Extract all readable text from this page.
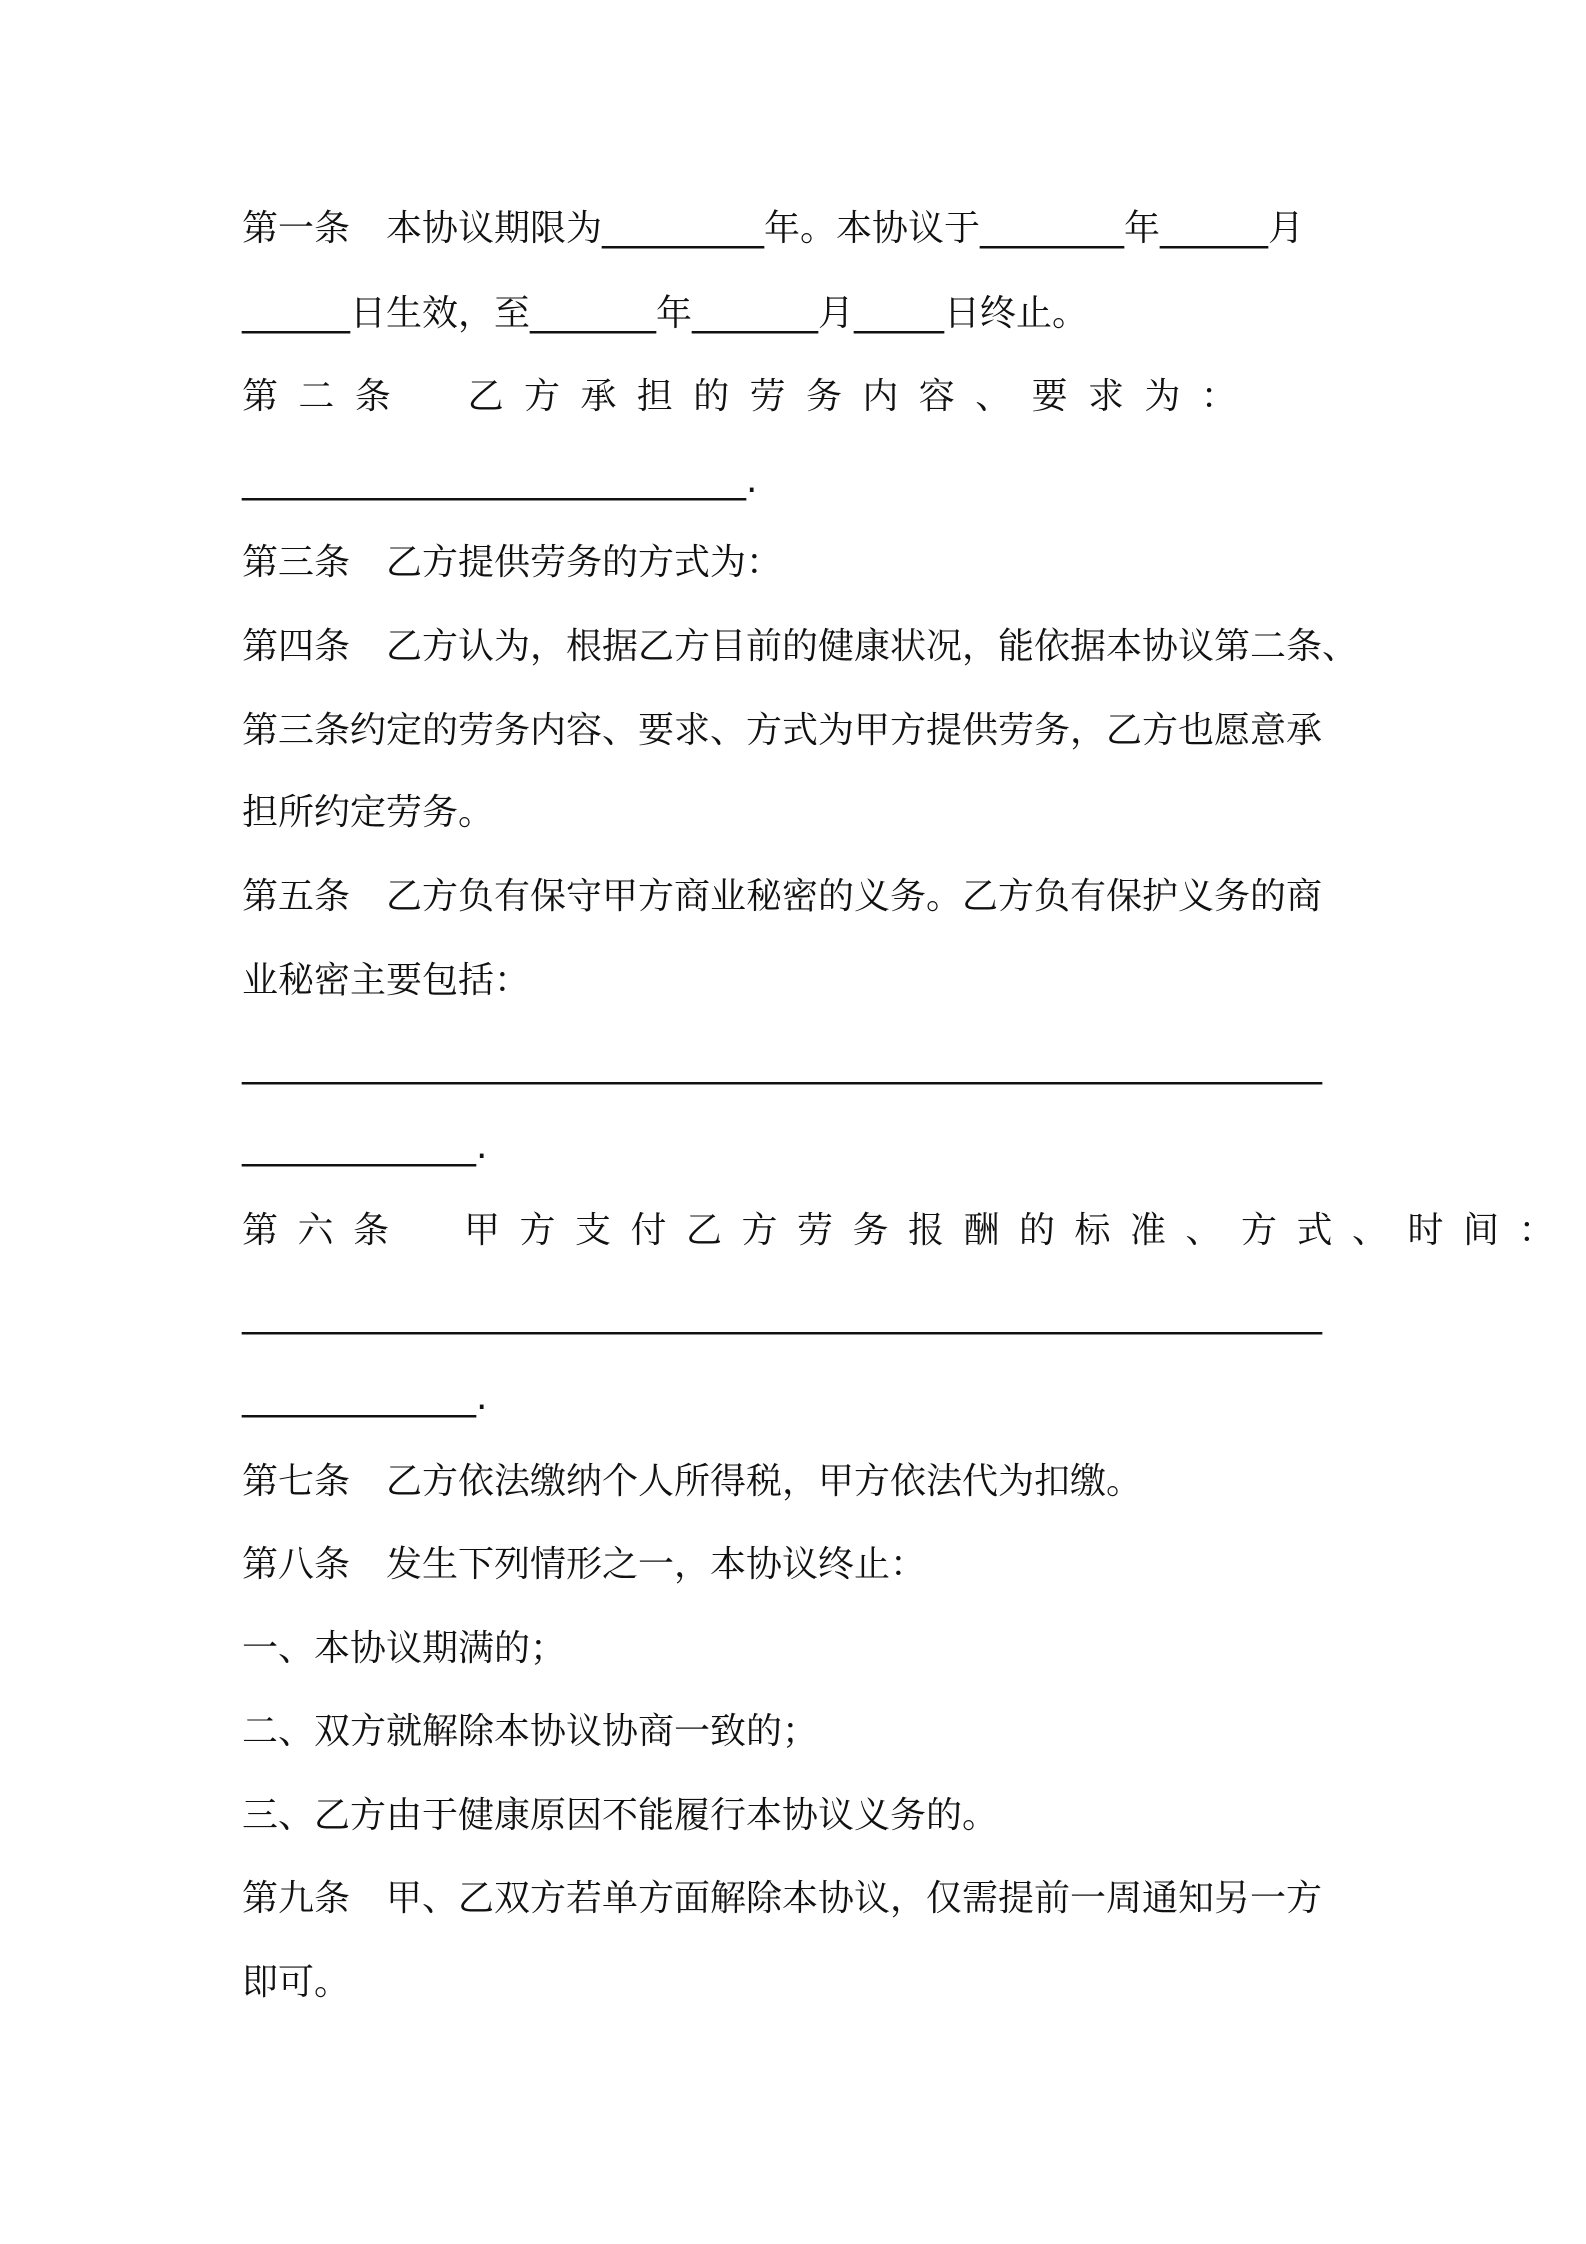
第一条　本协议期限为_________年。本协议于________年______月
______日生效，至_______年_______月_____日终止。
第二条　乙方承担的劳务内容、要求为：
____________________________.
第三条　乙方提供劳务的方式为：
第四条　乙方认为，根据乙方目前的健康状况，能依据本协议第二条、
第三条约定的劳务内容、要求、方式为甲方提供劳务，乙方也愿意承
担所约定劳务。
第五条　乙方负有保守甲方商业秘密的义务。乙方负有保护义务的商
业秘密主要包括：
____________________________________________________________
_____________.
第六条　甲方支付乙方劳务报酬的标准、方式、时间：
____________________________________________________________
_____________.
第七条　乙方依法缴纳个人所得税，甲方依法代为扣缴。
第八条　发生下列情形之一，本协议终止：
一、本协议期满的；
二、双方就解除本协议协商一致的；
三、乙方由于健康原因不能履行本协议义务的。
第九条　甲、乙双方若单方面解除本协议，仅需提前一周通知另一方
即可。
